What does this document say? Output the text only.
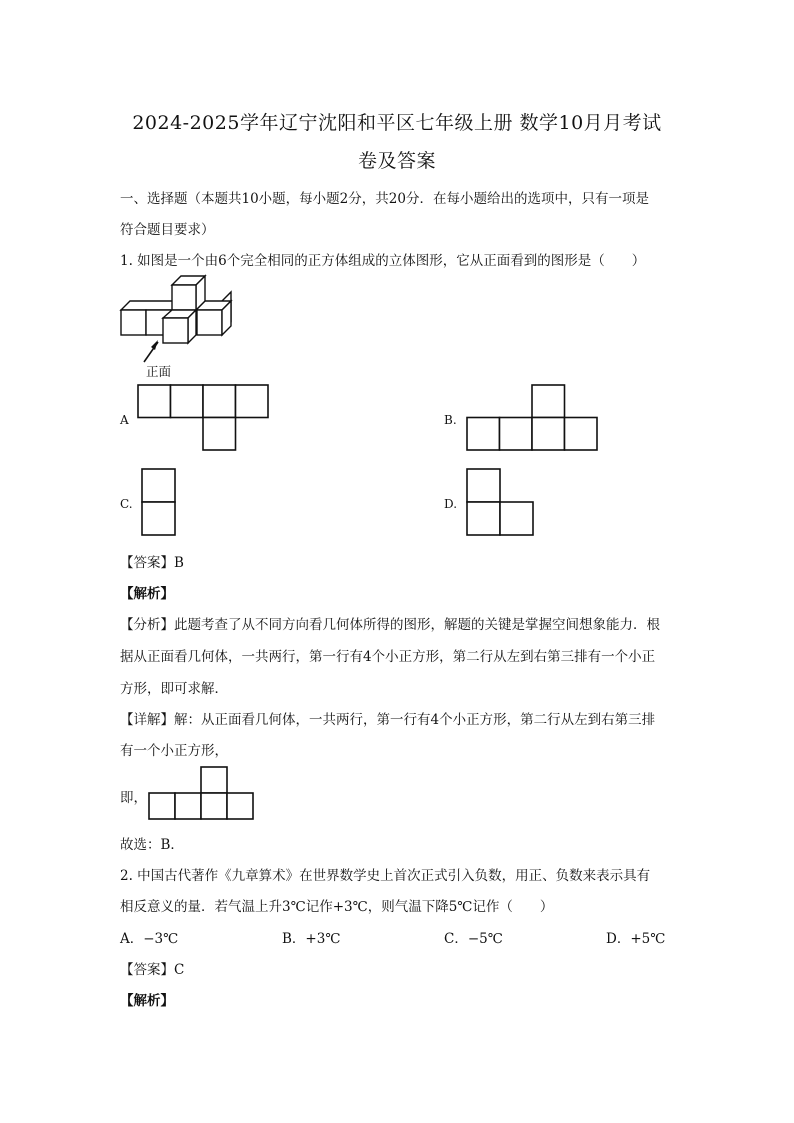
2024-2025学年辽宁沈阳和平区七年级上册 数学10月月考试
卷及答案
一、选择题（本题共10小题，每小题2分，共20分．在每小题给出的选项中，只有一项是
符合题目要求）
1. 如图是一个由6个完全相同的正方体组成的立体图形，它从正面看到的图形是（　　）
正面
A	B.
C.	D.
【答案】B
【解析】
【分析】此题考查了从不同方向看几何体所得的图形，解题的关键是掌握空间想象能力．根
据从正面看几何体，一共两行，第一行有4个小正方形，第二行从左到右第三排有一个小正
方形，即可求解．
【详解】解：从正面看几何体，一共两行，第一行有4个小正方形，第二行从左到右第三排
有一个小正方形，
即，
故选：B．
2. 中国古代著作《九章算术》在世界数学史上首次正式引入负数，用正、负数来表示具有
相反意义的量．若气温上升3℃记作+3℃，则气温下降5℃记作（　　）
A．−3℃	B．+3℃	C．−5℃	D．+5℃
【答案】C
【解析】
